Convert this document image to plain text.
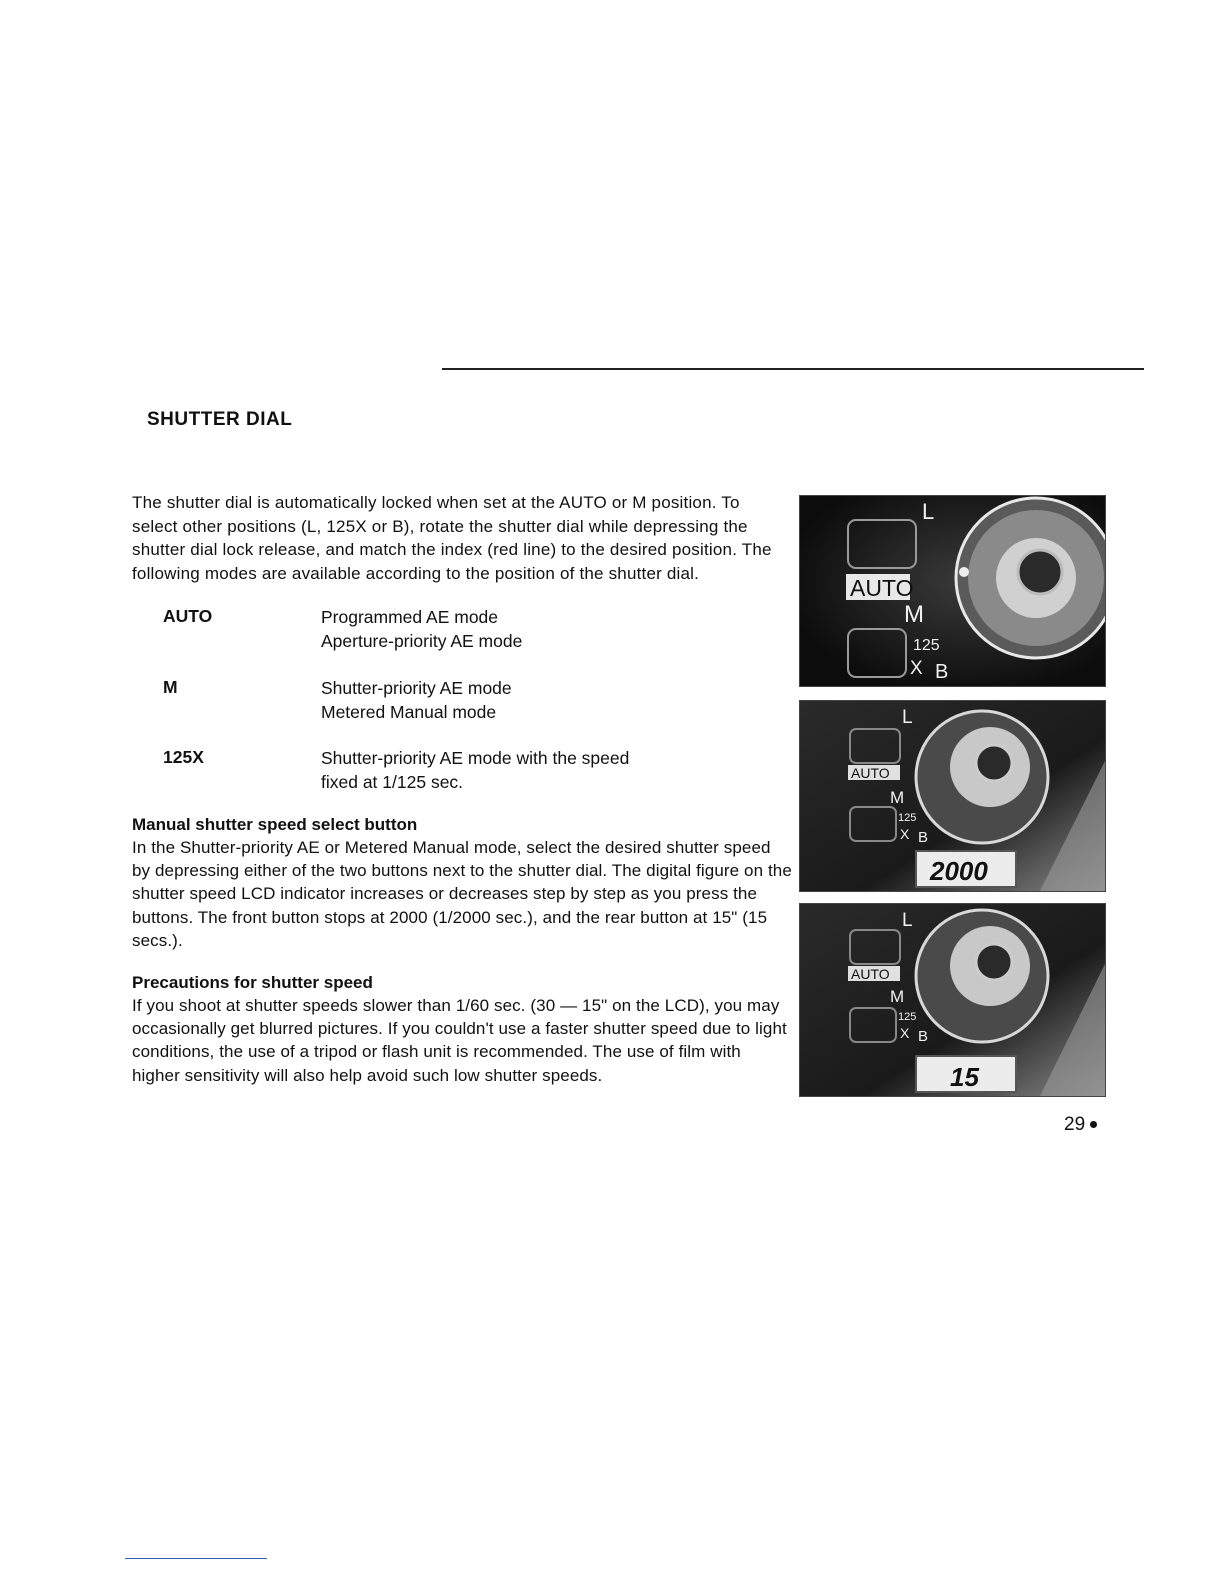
SHUTTER DIAL

The shutter dial is automatically locked when set at the AUTO or M position. To select other positions (L, 125X or B), rotate the shutter dial while depressing the shutter dial lock release, and match the index (red line) to the desired position. The following modes are available according to the position of the shutter dial.

AUTO	Programmed AE mode
Aperture-priority AE mode
M	Shutter-priority AE mode
Metered Manual mode
125X	Shutter-priority AE mode with the speed
fixed at 1/125 sec.
Manual shutter speed select button

In the Shutter-priority AE or Metered Manual mode, select the desired shutter speed by depressing either of the two buttons next to the shutter dial. The digital figure on the shutter speed LCD indicator increases or decreases step by step as you press the buttons. The front button stops at 2000 (1/2000 sec.), and the rear button at 15" (15 secs.).

Precautions for shutter speed

If you shoot at shutter speeds slower than 1/60 sec. (30 — 15" on the LCD), you may occasionally get blurred pictures. If you couldn't use a faster shutter speed due to light conditions, the use of a tripod or flash unit is recommended. The use of film with higher sensitivity will also help avoid such low shutter speeds.

L
AUTO
M
125
X B
L
AUTO
M
125
X B
2000
L
AUTO
M
125
X B
15
29
